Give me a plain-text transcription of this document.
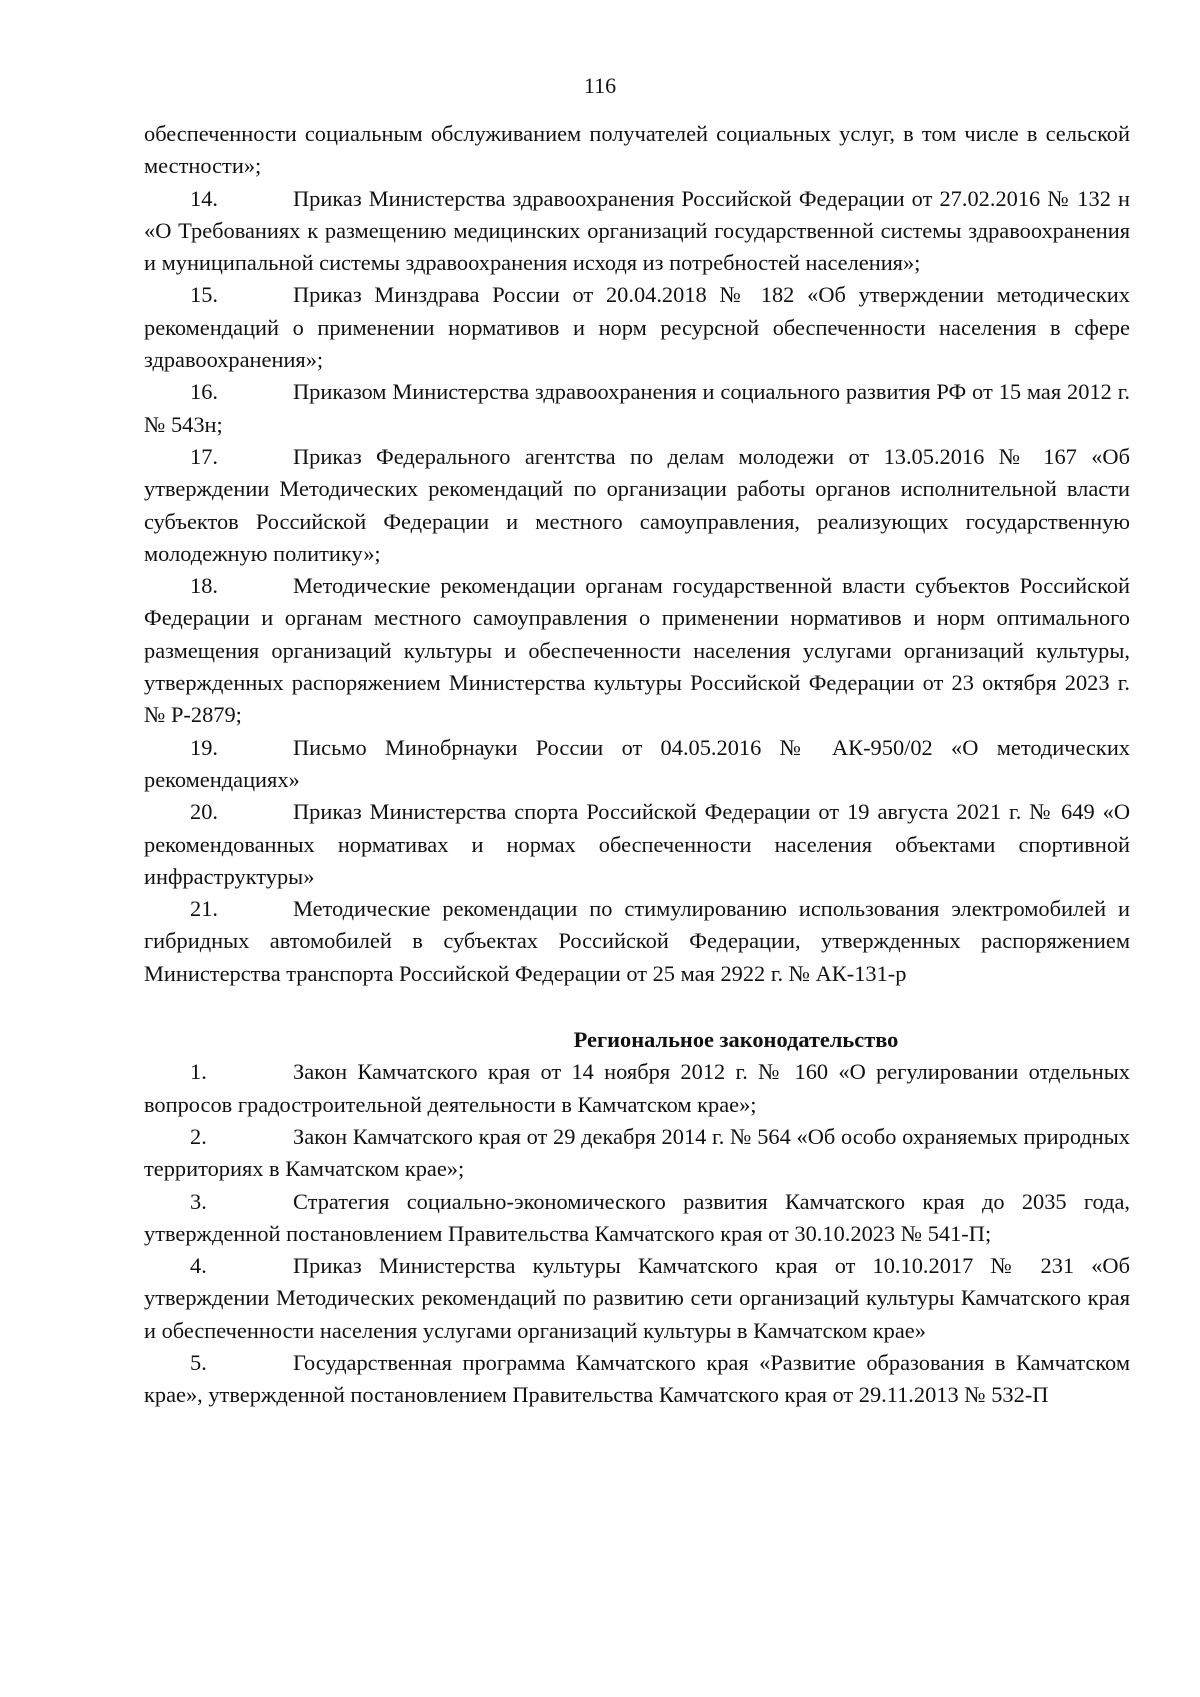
116

обеспеченности социальным обслуживанием получателей социальных услуг, в том числе в сельской местности»;

14.	Приказ Министерства здравоохранения Российской Федерации от 27.02.2016 № 132 н «О Требованиях к размещению медицинских организаций государственной системы здравоохранения и муниципальной системы здравоохранения исходя из потребностей населения»;

15.	Приказ Минздрава России от 20.04.2018 № 182 «Об утверждении методических рекомендаций о применении нормативов и норм ресурсной обеспеченности населения в сфере здравоохранения»;

16.	Приказом Министерства здравоохранения и социального развития РФ от 15 мая 2012 г. № 543н;

17.	Приказ Федерального агентства по делам молодежи от 13.05.2016 № 167 «Об утверждении Методических рекомендаций по организации работы органов исполнительной власти субъектов Российской Федерации и местного самоуправления, реализующих государственную молодежную политику»;

18.	Методические рекомендации органам государственной власти субъектов Российской Федерации и органам местного самоуправления о применении нормативов и норм оптимального размещения организаций культуры и обеспеченности населения услугами организаций культуры, утвержденных распоряжением Министерства культуры Российской Федерации от 23 октября 2023 г. № Р-2879;

19.	Письмо Минобрнауки России от 04.05.2016 № АК-950/02 «О методических рекомендациях»

20.	Приказ Министерства спорта Российской Федерации от 19 августа 2021 г. № 649 «О рекомендованных нормативах и нормах обеспеченности населения объектами спортивной инфраструктуры»

21.	Методические рекомендации по стимулированию использования электромобилей и гибридных автомобилей в субъектах Российской Федерации, утвержденных распоряжением Министерства транспорта Российской Федерации от 25 мая 2922 г. № АК-131-р

Региональное законодательство

1.	Закон Камчатского края от 14 ноября 2012 г. № 160 «О регулировании отдельных вопросов градостроительной деятельности в Камчатском крае»;

2.	Закон Камчатского края от 29 декабря 2014 г. № 564 «Об особо охраняемых природных территориях в Камчатском крае»;

3.	Стратегия социально-экономического развития Камчатского края до 2035 года, утвержденной постановлением Правительства Камчатского края от 30.10.2023 № 541-П;

4.	Приказ Министерства культуры Камчатского края от 10.10.2017 № 231 «Об утверждении Методических рекомендаций по развитию сети организаций культуры Камчатского края и обеспеченности населения услугами организаций культуры в Камчатском крае»

5.	Государственная программа Камчатского края «Развитие образования в Камчатском крае», утвержденной постановлением Правительства Камчатского края от 29.11.2013 № 532-П
